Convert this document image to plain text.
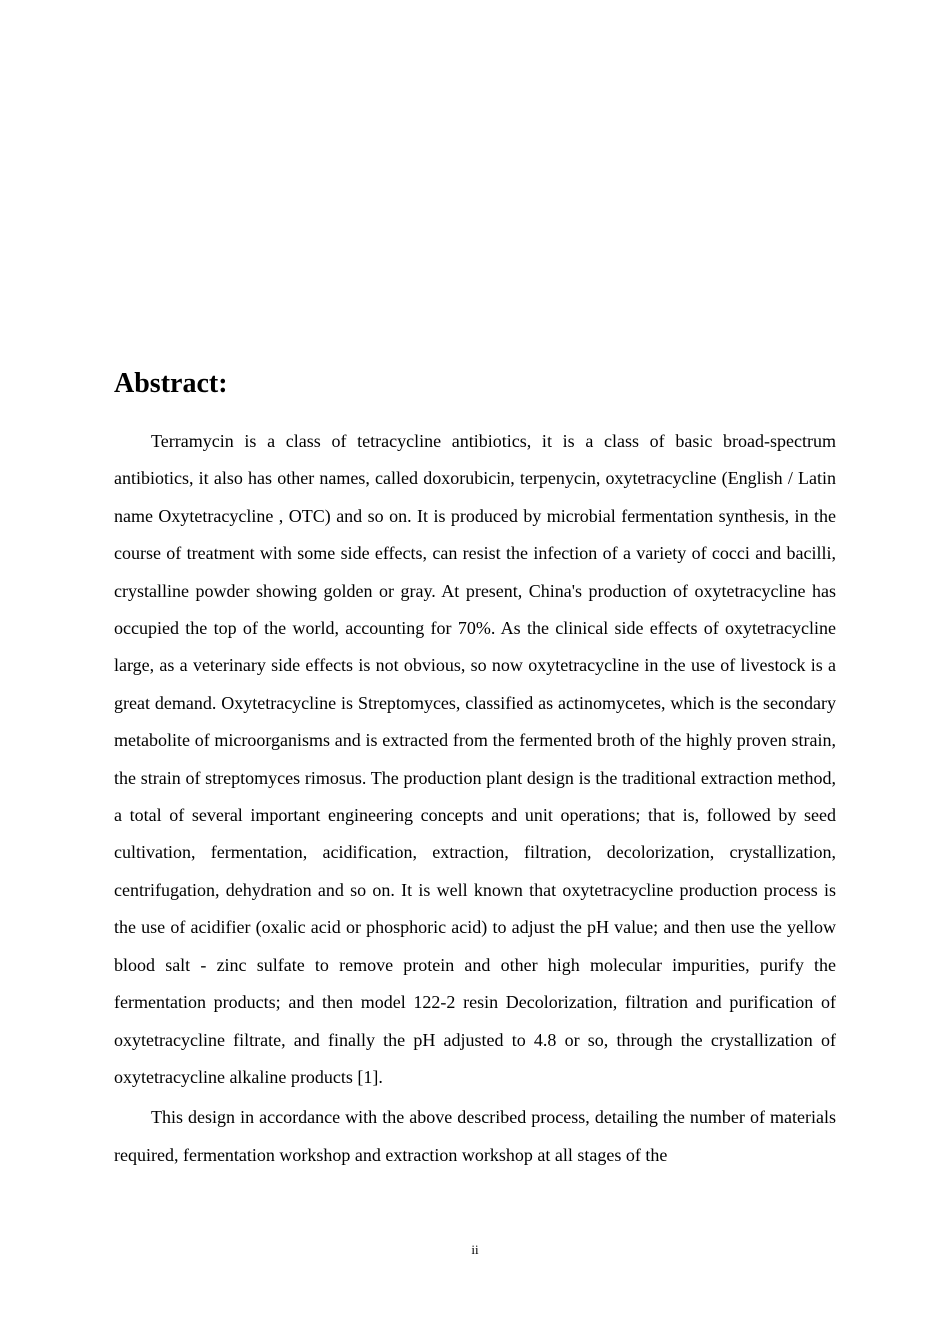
Abstract:

Terramycin is a class of tetracycline antibiotics, it is a class of basic broad-spectrum antibiotics, it also has other names, called doxorubicin, terpenycin, oxytetracycline (English / Latin name Oxytetracycline , OTC) and so on. It is produced by microbial fermentation synthesis, in the course of treatment with some side effects, can resist the infection of a variety of cocci and bacilli, crystalline powder showing golden or gray. At present, China's production of oxytetracycline has occupied the top of the world, accounting for 70%. As the clinical side effects of oxytetracycline large, as a veterinary side effects is not obvious, so now oxytetracycline in the use of livestock is a great demand. Oxytetracycline is Streptomyces, classified as actinomycetes, which is the secondary metabolite of microorganisms and is extracted from the fermented broth of the highly proven strain, the strain of streptomyces rimosus. The production plant design is the traditional extraction method, a total of several important engineering concepts and unit operations; that is, followed by seed cultivation, fermentation, acidification, extraction, filtration, decolorization, crystallization, centrifugation, dehydration and so on. It is well known that oxytetracycline production process is the use of acidifier (oxalic acid or phosphoric acid) to adjust the pH value; and then use the yellow blood salt - zinc sulfate to remove protein and other high molecular impurities, purify the fermentation products; and then model 122-2 resin Decolorization, filtration and purification of oxytetracycline filtrate, and finally the pH adjusted to 4.8 or so, through the crystallization of oxytetracycline alkaline products [1].

This design in accordance with the above described process, detailing the number of materials required, fermentation workshop and extraction workshop at all stages of the

ii
